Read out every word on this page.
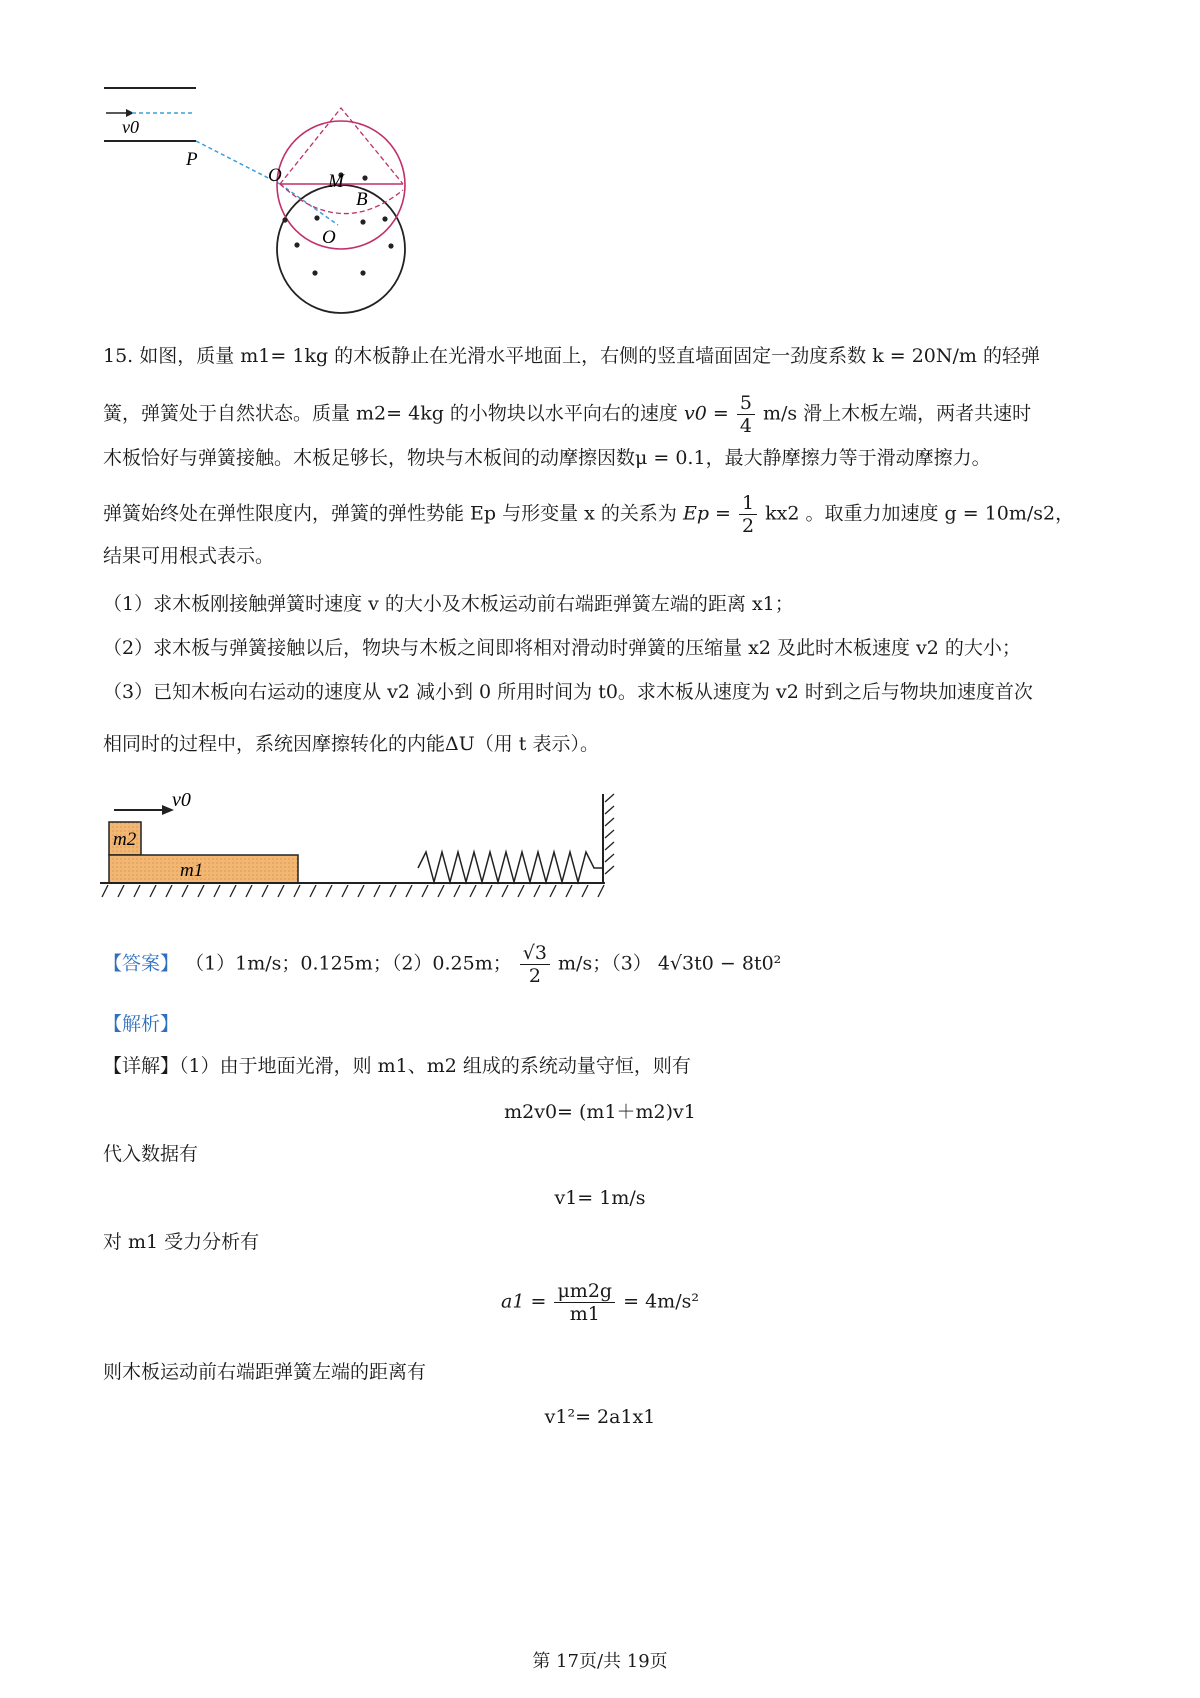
v0
P
O M
B
O
15. 如图，质量 m1= 1kg 的木板静止在光滑水平地面上，右侧的竖直墙面固定一劲度系数 k = 20N/m 的轻弹
簧，弹簧处于自然状态。质量 m2= 4kg 的小物块以水平向右的速度 $v0 = \frac{5}{4} m/s$ 滑上木板左端，两者共速时
木板恰好与弹簧接触。木板足够长，物块与木板间的动摩擦因数μ = 0.1，最大静摩擦力等于滑动摩擦力。
弹簧始终处在弹性限度内，弹簧的弹性势能 Ep 与形变量 x 的关系为 $Ep = \frac{1}{2} kx2$ 。取重力加速度 g = 10m/s2，
结果可用根式表示。
（1）求木板刚接触弹簧时速度 v 的大小及木板运动前右端距弹簧左端的距离 x1；
（2）求木板与弹簧接触以后，物块与木板之间即将相对滑动时弹簧的压缩量 x2 及此时木板速度 v2 的大小；
（3）已知木板向右运动的速度从 v2 减小到 0 所用时间为 t0。求木板从速度为 v2 时到之后与物块加速度首次
相同时的过程中，系统因摩擦转化的内能ΔU（用 t 表示）。
v0
m2
m1
【答案】 （1）1m/s；0.125m；（2）0.25m； $\frac{√3}{2} m/s$；（3） 4√3t0 − 8t0²
【解析】
【详解】（1）由于地面光滑，则 m1、m2 组成的系统动量守恒，则有
m2v0= (m1＋m2)v1
代入数据有
v1= 1m/s
对 m1 受力分析有
$a1 = \frac{\mu m2g}{m1} = 4m/s^2$
则木板运动前右端距弹簧左端的距离有
v1²= 2a1x1
第 17页/共 19页
